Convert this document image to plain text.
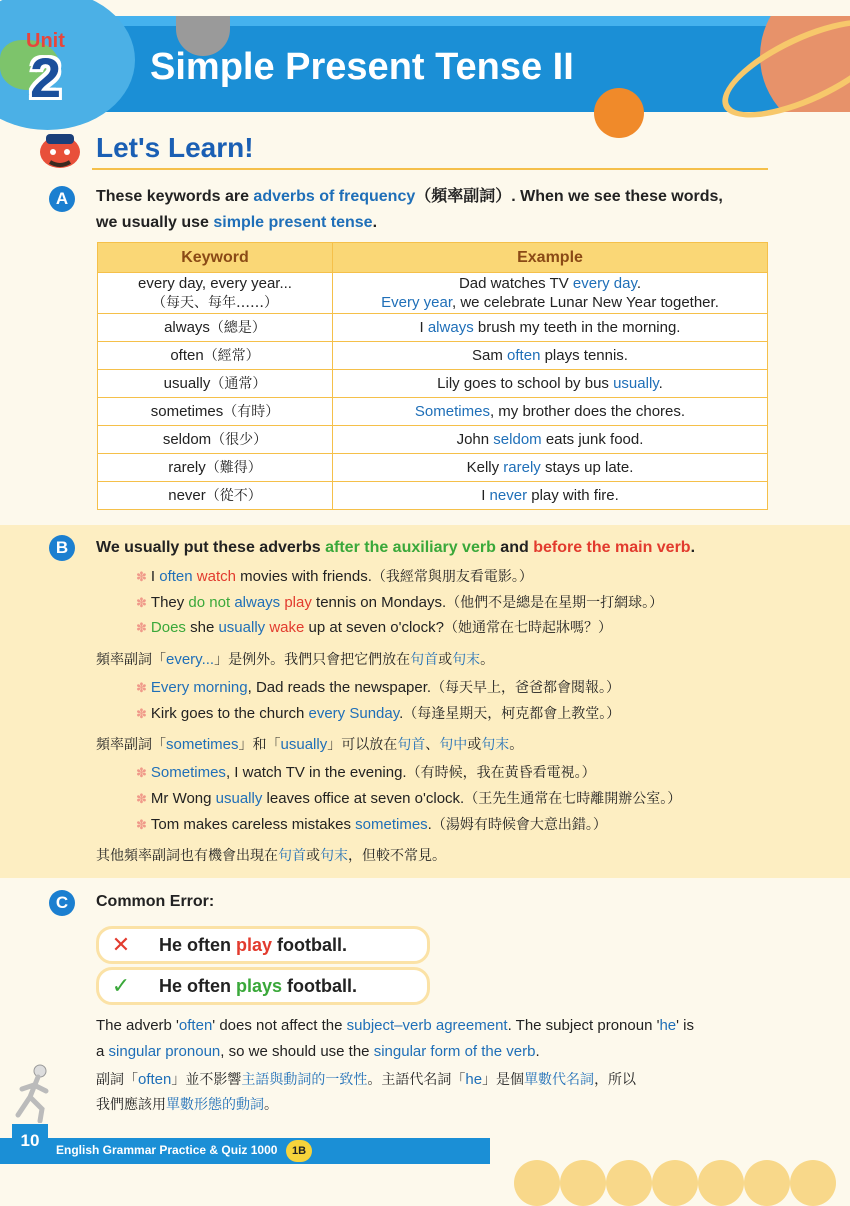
Unit
2 Simple Present Tense II
Let's Learn!
A	These keywords are adverbs of frequency（頻率副詞）. When we see these words,
we usually use simple present tense.
Keyword	Example
every day, every year...
（每天、每年……）	Dad watches TV every day.
Every year, we celebrate Lunar New Year together.
always（總是）	I always brush my teeth in the morning.
often（經常）	Sam often plays tennis.
usually（通常）	Lily goes to school by bus usually.
sometimes（有時）	Sometimes, my brother does the chores.
seldom（很少）	John seldom eats junk food.
rarely（難得）	Kelly rarely stays up late.
never（從不）	I never play with fire.
B	We usually put these adverbs after the auxiliary verb and before the main verb.
✽ I often watch movies with friends.（我經常與朋友看電影。）
✽ They do not always play tennis on Mondays.（他們不是總是在星期一打網球。）
✽ Does she usually wake up at seven o'clock?（她通常在七時起牀嗎？）
頻率副詞「every...」是例外。我們只會把它們放在句首或句末。
✽ Every morning, Dad reads the newspaper.（每天早上，爸爸都會閱報。）
✽ Kirk goes to the church every Sunday.（每逢星期天，柯克都會上教堂。）
頻率副詞「sometimes」和「usually」可以放在句首、句中或句末。
✽ Sometimes, I watch TV in the evening.（有時候，我在黃昏看電視。）
✽ Mr Wong usually leaves office at seven o'clock.（王先生通常在七時離開辦公室。）
✽ Tom makes careless mistakes sometimes.（湯姆有時候會大意出錯。）
其他頻率副詞也有機會出現在句首或句末，但較不常見。
C	Common Error:
✕ He often play football.
✓ He often plays football.
The adverb 'often' does not affect the subject–verb agreement. The subject pronoun 'he' is
a singular pronoun, so we should use the singular form of the verb.
副詞「often」並不影響主語與動詞的一致性。主語代名詞「he」是個單數代名詞，所以
我們應該用單數形態的動詞。
10	English Grammar Practice & Quiz 1000	1B
